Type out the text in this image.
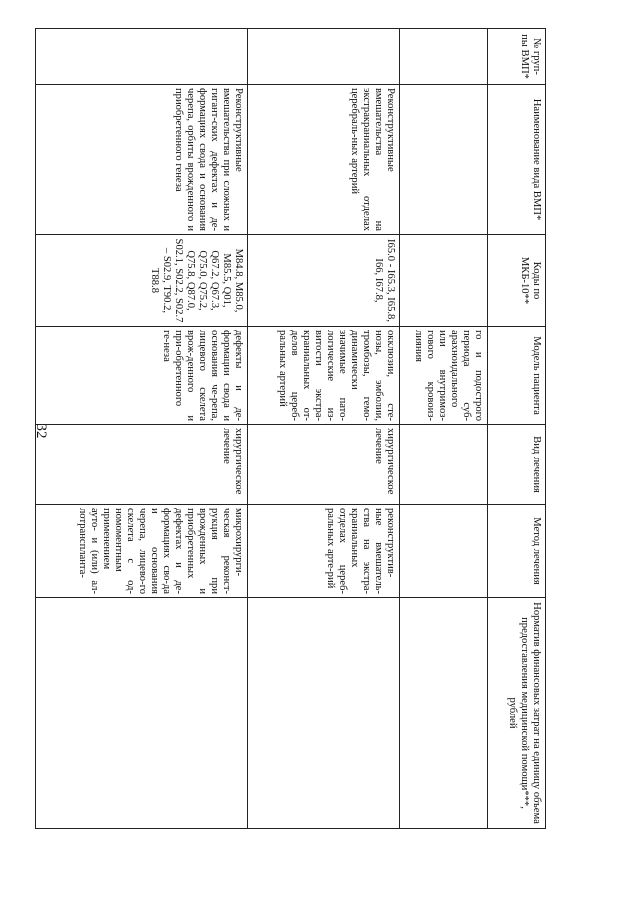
32
№ груп-пы ВМП*	Наименование вида ВМП*	Коды по МКБ-10**	Модель пациента	Вид лечения	Метод лечения	Норматив финансовых затрат на единицу объема предоставления медицинской помощи***, рублей
			го и подострого периода суб-арахноидального или внутримоз-гового кровоиз-лияния			
	Реконструктивные вмешательства на экстракраниальных отделах церебраль-ных артерий	I65.0 - I65.3, I65.8, I66, I67.8,	окклюзии, сте-нозы, эмболии, тромбозы, гемо-динамически значимые пато-логические из-витости экстра-краниальных от-делов цереб-ральных артерий	хирургическое лечение	реконструктив-ные вмешатель-ства на экстра-краниальных отделах цереб-ральных арте-рий	
	Реконструктивные вмешательства при сложных и гигант-ских дефектах и де-формациях свода и основания черепа, орбиты врожденного и приобретенного генеза	M84.8, M85.0, M85.5, Q01, Q67.2, Q67.3, Q75.0, Q75.2, Q75.8, Q87.0, S02.1, S02.2, S02.7 – S02.9, T90.2, T88.8	дефекты и де-формации свода и основания че-репа, лицевого скелета врож-денного и при-обретенного ге-неза	хирургическое лечение	микрохирурги-ческая реконст-рукция при врожденных и приобретенных дефектах и де-формациях сво-да и основания черепа, лицево-го скелета с од-номоментным применением ауто- и (или) ал-лотранспланта-	
